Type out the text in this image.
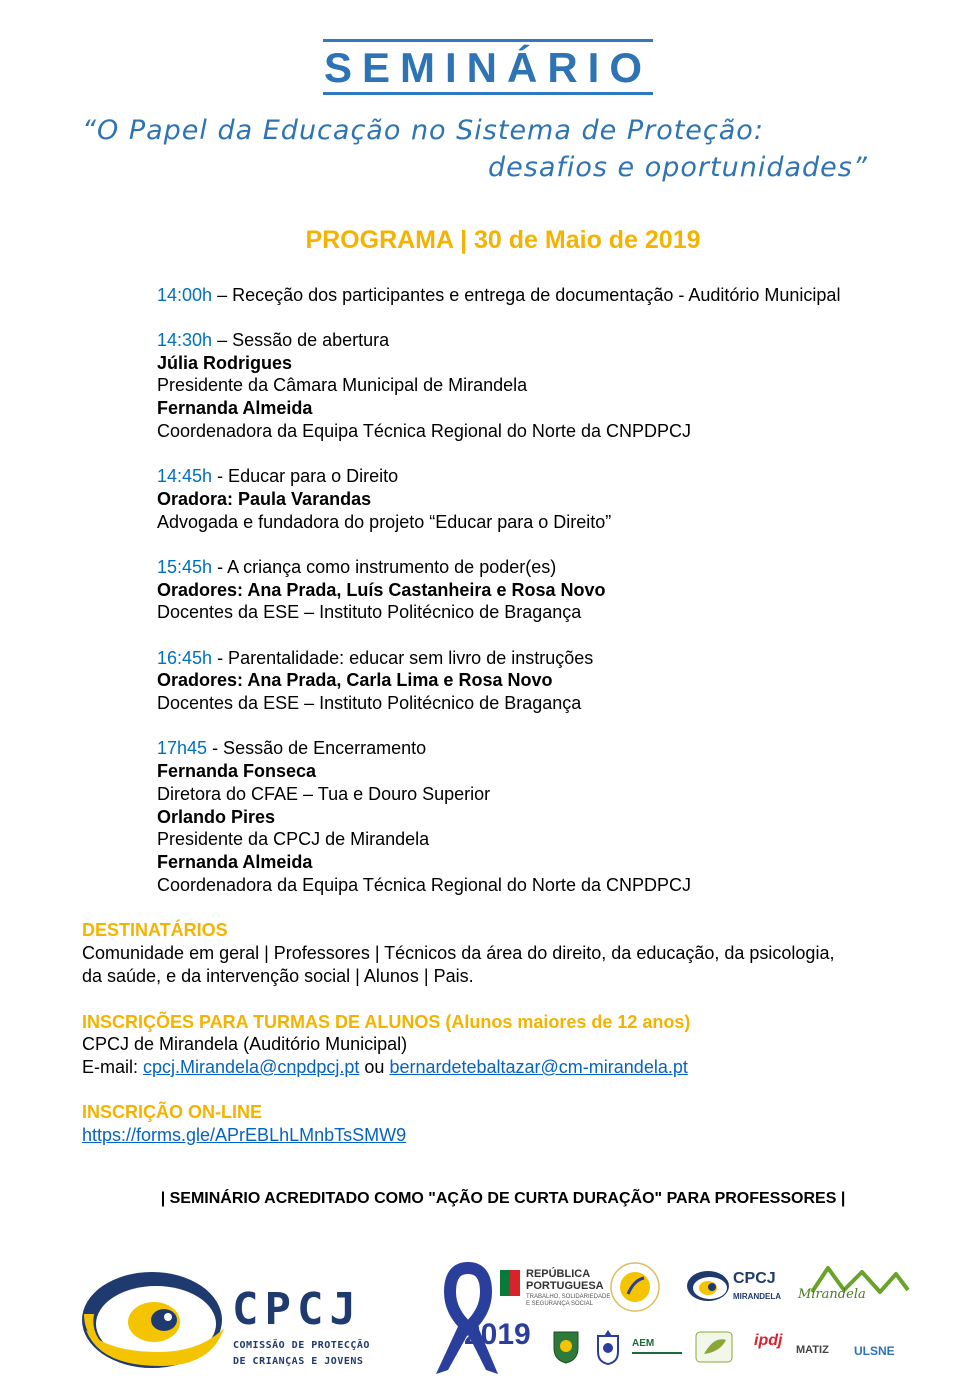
SEMINÁRIO
“O Papel da Educação no Sistema de Proteção:
desafios e oportunidades”
PROGRAMA | 30 de Maio de 2019
14:00h – Receção dos participantes e entrega de documentação - Auditório Municipal
14:30h – Sessão de abertura
Júlia Rodrigues
Presidente da Câmara Municipal de Mirandela
Fernanda Almeida
Coordenadora da Equipa Técnica Regional do Norte da CNPDPCJ
14:45h - Educar para o Direito
Oradora: Paula Varandas
Advogada e fundadora do projeto “Educar para o Direito”
15:45h - A criança como instrumento de poder(es)
Oradores: Ana Prada, Luís Castanheira e Rosa Novo
Docentes da ESE – Instituto Politécnico de Bragança
16:45h - Parentalidade: educar sem livro de instruções
Oradores: Ana Prada, Carla Lima e Rosa Novo
Docentes da ESE – Instituto Politécnico de Bragança
17h45 - Sessão de Encerramento
Fernanda Fonseca
Diretora do CFAE – Tua e Douro Superior
Orlando Pires
Presidente da CPCJ de Mirandela
Fernanda Almeida
Coordenadora da Equipa Técnica Regional do Norte da CNPDPCJ
DESTINATÁRIOS
Comunidade em geral | Professores | Técnicos da área do direito, da educação, da psicologia,
da saúde, e da intervenção social | Alunos | Pais.
INSCRIÇÕES PARA TURMAS DE ALUNOS (Alunos maiores de 12 anos)
CPCJ de Mirandela (Auditório Municipal)
E-mail: cpcj.Mirandela@cnpdpcj.pt ou bernardetebaltazar@cm-mirandela.pt
INSCRIÇÃO ON-LINE
https://forms.gle/APrEBLhLMnbTsSMW9
| SEMINÁRIO ACREDITADO COMO "AÇÃO DE CURTA DURAÇÃO" PARA PROFESSORES |
CPCJ
COMISSÃO DE PROTECÇÃO
DE CRIANÇAS E JOVENS
2019
REPÚBLICA
PORTUGUESA
TRABALHO, SOLIDARIEDADE
E SEGURANÇA SOCIAL
CPCJ
MIRANDELA Mirandela
AEM	ipdj
MATIZ ULSNE
